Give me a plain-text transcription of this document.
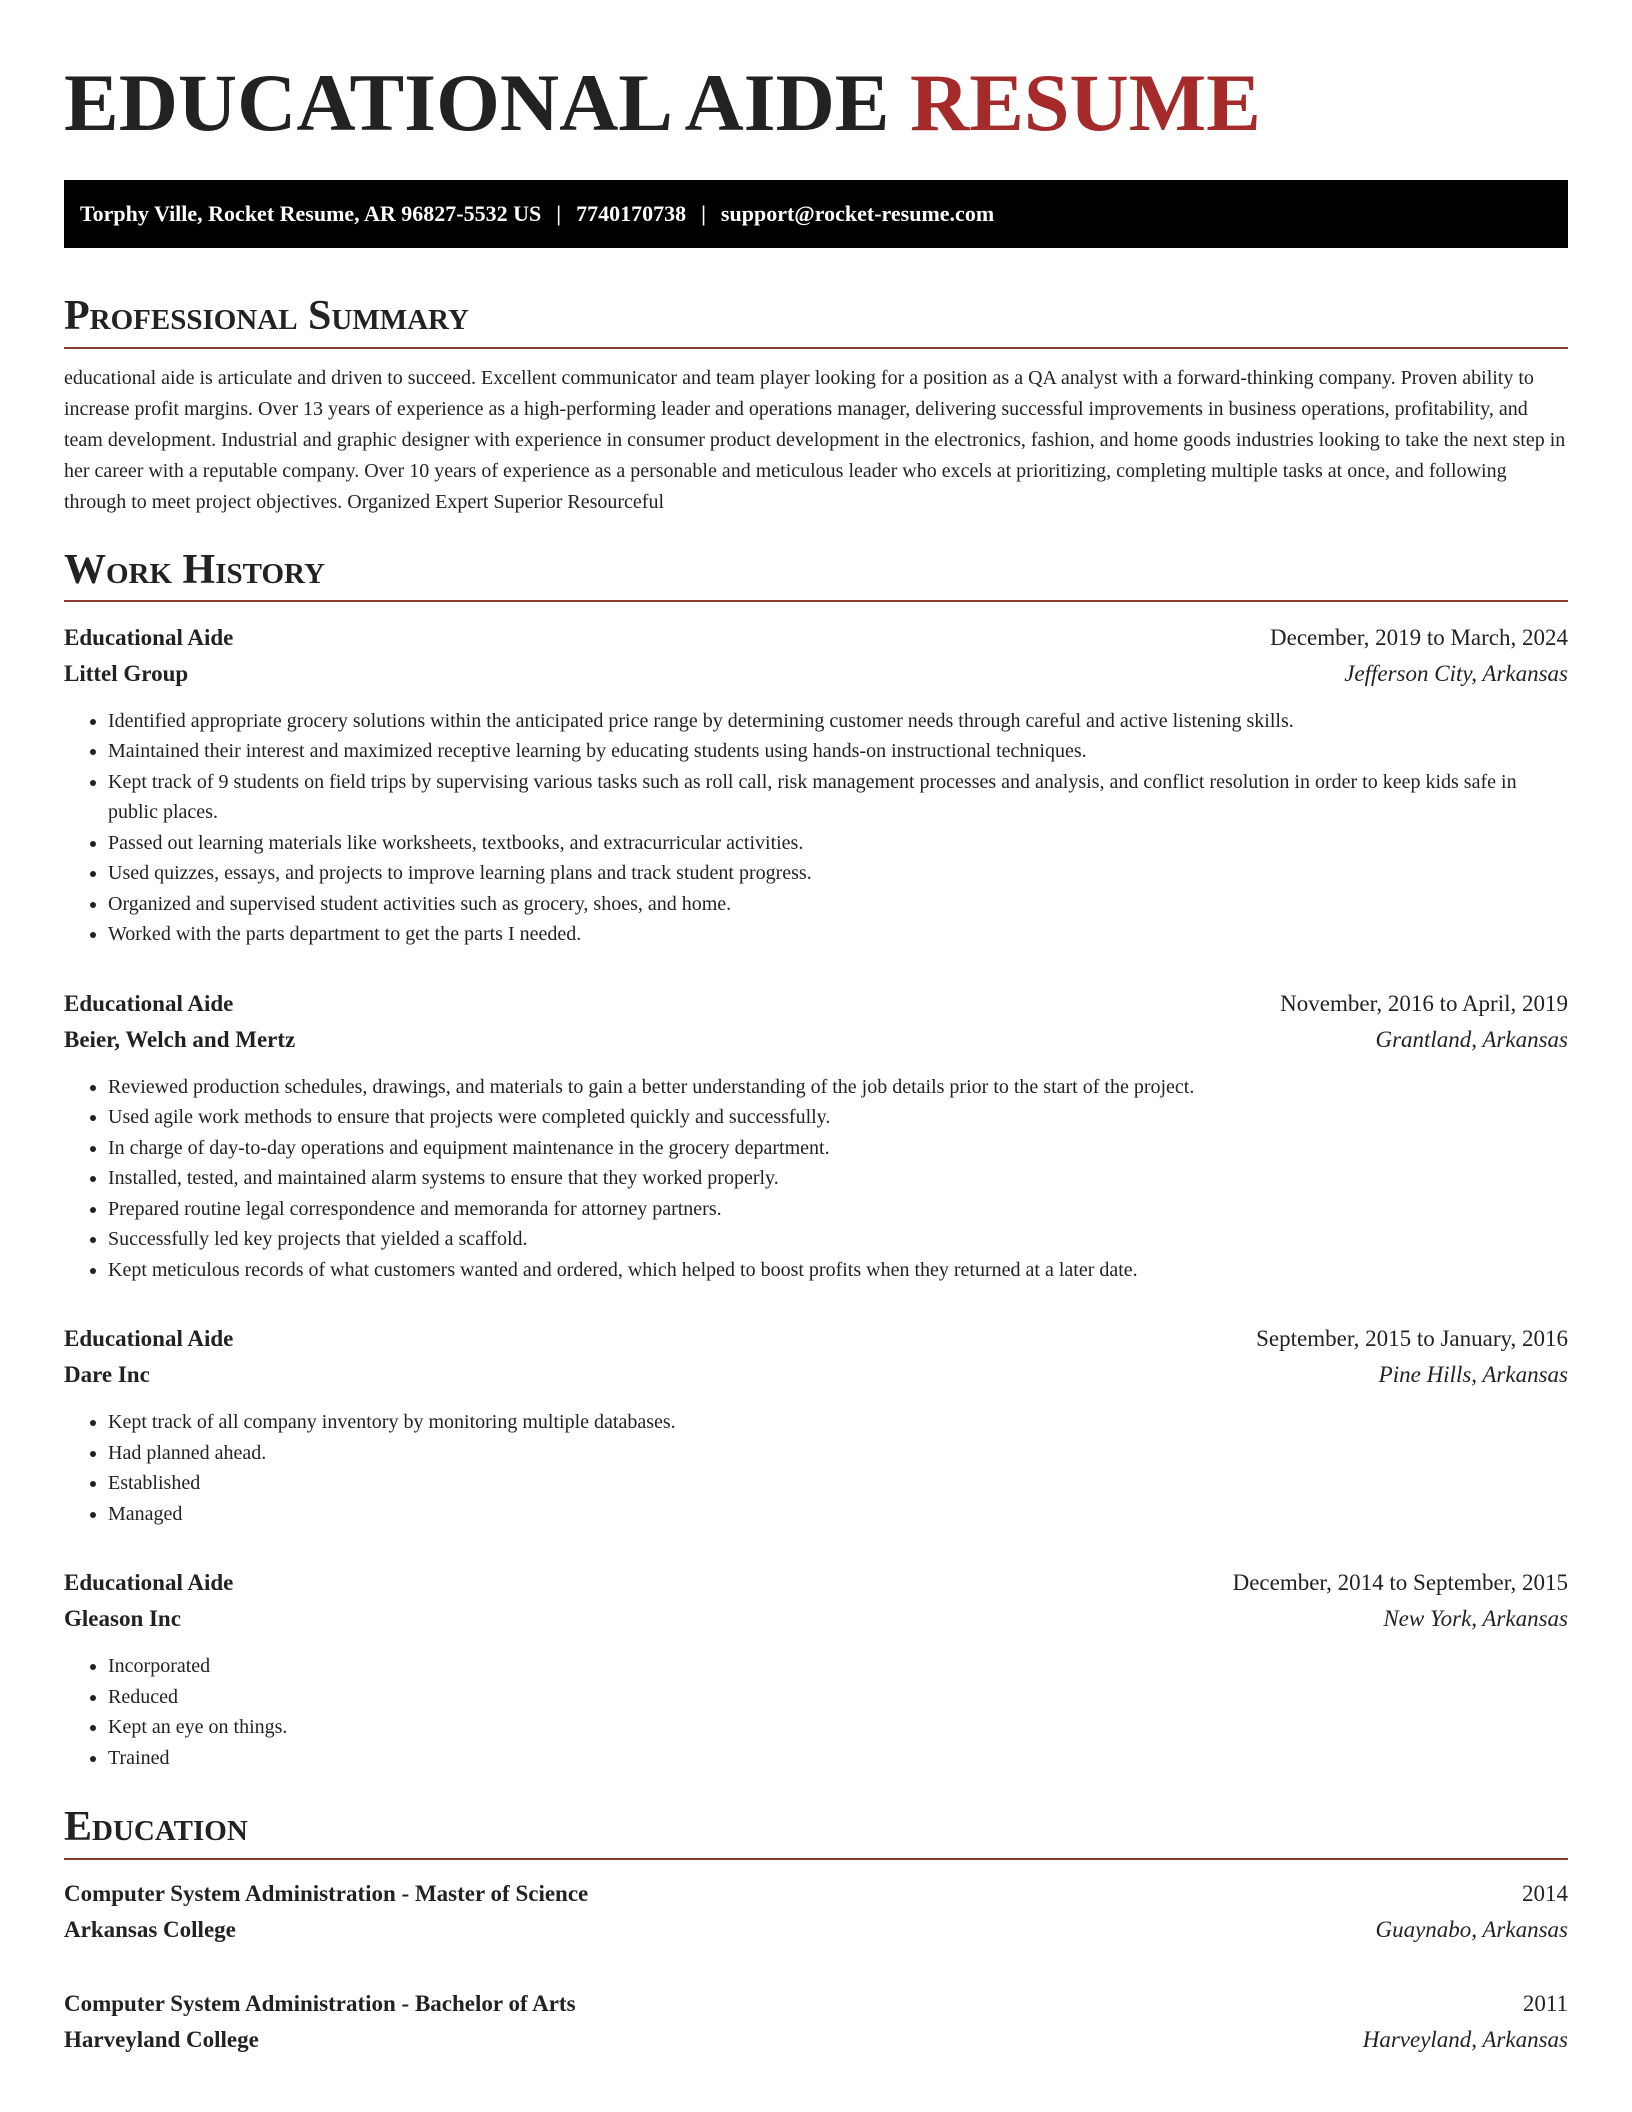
EDUCATIONAL AIDE RESUME
Torphy Ville, Rocket Resume, AR 96827-5532 US | 7740170738 | support@rocket-resume.com
Professional Summary

educational aide is articulate and driven to succeed. Excellent communicator and team player looking for a position as a QA analyst with a forward-thinking company. Proven ability to increase profit margins. Over 13 years of experience as a high-performing leader and operations manager, delivering successful improvements in business operations, profitability, and team development. Industrial and graphic designer with experience in consumer product development in the electronics, fashion, and home goods industries looking to take the next step in her career with a reputable company. Over 10 years of experience as a personable and meticulous leader who excels at prioritizing, completing multiple tasks at once, and following through to meet project objectives. Organized Expert Superior Resourceful

Work History
Educational Aide	December, 2019 to March, 2024
Littel Group	Jefferson City, Arkansas
• Identified appropriate grocery solutions within the anticipated price range by determining customer needs through careful and active listening skills.
• Maintained their interest and maximized receptive learning by educating students using hands-on instructional techniques.
• Kept track of 9 students on field trips by supervising various tasks such as roll call, risk management processes and analysis, and conflict resolution in order to keep kids safe in public places.
• Passed out learning materials like worksheets, textbooks, and extracurricular activities.
• Used quizzes, essays, and projects to improve learning plans and track student progress.
• Organized and supervised student activities such as grocery, shoes, and home.
• Worked with the parts department to get the parts I needed.
Educational Aide	November, 2016 to April, 2019
Beier, Welch and Mertz	Grantland, Arkansas
• Reviewed production schedules, drawings, and materials to gain a better understanding of the job details prior to the start of the project.
• Used agile work methods to ensure that projects were completed quickly and successfully.
• In charge of day-to-day operations and equipment maintenance in the grocery department.
• Installed, tested, and maintained alarm systems to ensure that they worked properly.
• Prepared routine legal correspondence and memoranda for attorney partners.
• Successfully led key projects that yielded a scaffold.
• Kept meticulous records of what customers wanted and ordered, which helped to boost profits when they returned at a later date.
Educational Aide	September, 2015 to January, 2016
Dare Inc	Pine Hills, Arkansas
• Kept track of all company inventory by monitoring multiple databases.
• Had planned ahead.
• Established
• Managed
Educational Aide	December, 2014 to September, 2015
Gleason Inc	New York, Arkansas
• Incorporated
• Reduced
• Kept an eye on things.
• Trained
Education
Computer System Administration - Master of Science	2014
Arkansas College	Guaynabo, Arkansas
Computer System Administration - Bachelor of Arts	2011
Harveyland College	Harveyland, Arkansas
